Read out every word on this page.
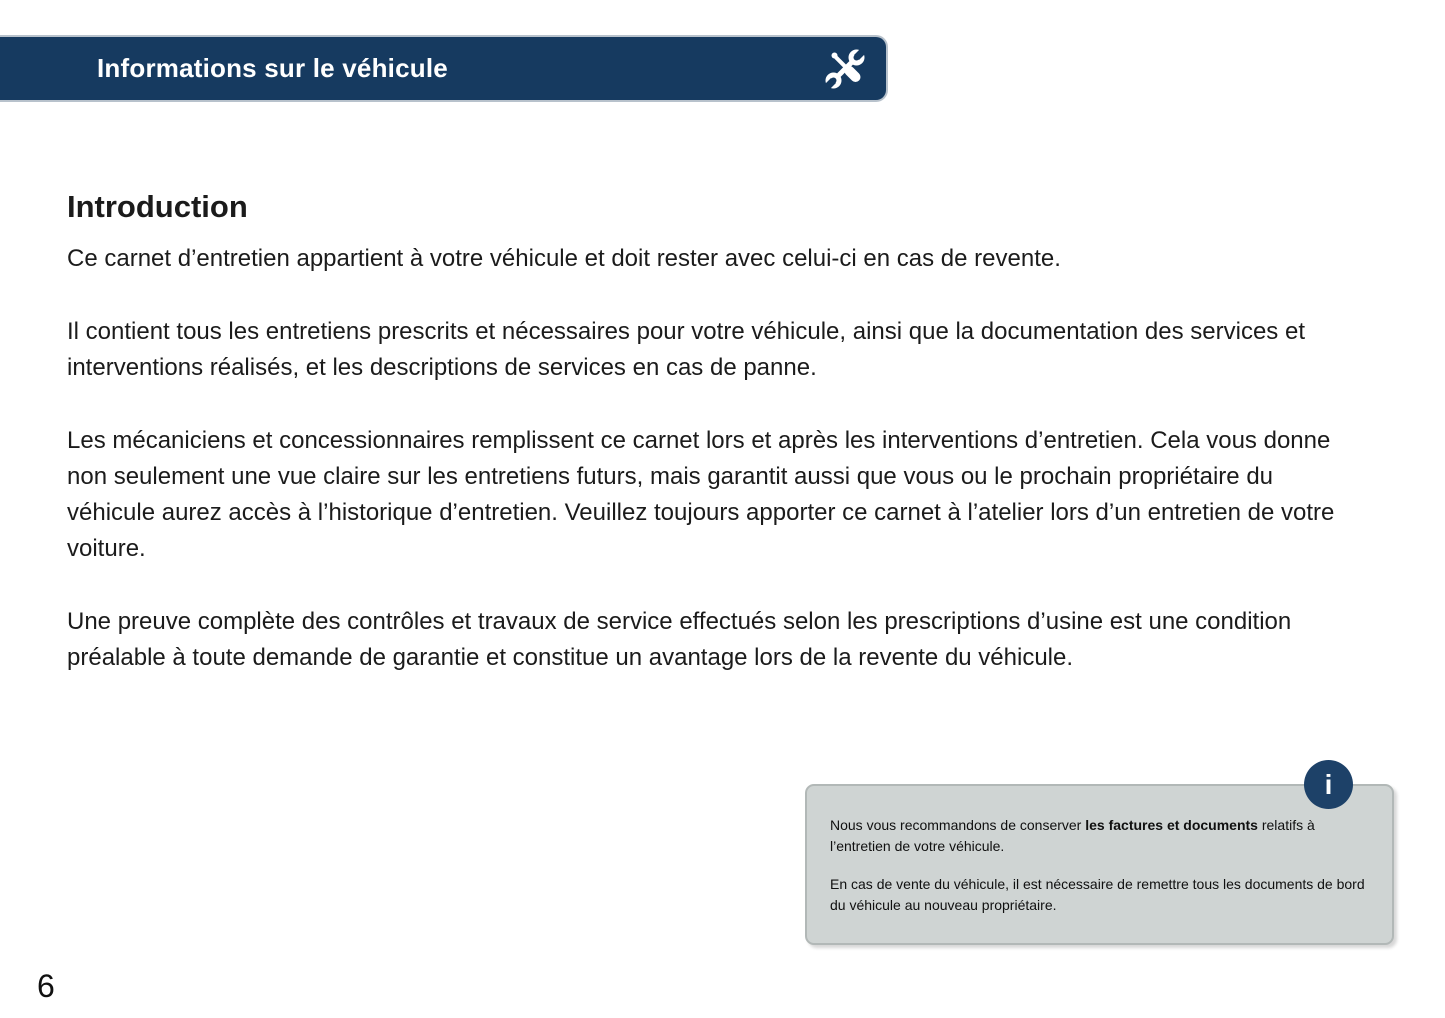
Informations sur le véhicule
Introduction

Ce carnet d’entretien appartient à votre véhicule et doit rester avec celui-ci en cas de revente.

Il contient tous les entretiens prescrits et nécessaires pour votre véhicule, ainsi que la documentation des services et interventions réalisés, et les descriptions de services en cas de panne.

Les mécaniciens et concessionnaires remplissent ce carnet lors et après les interventions d’entretien. Cela vous donne non seulement une vue claire sur les entretiens futurs, mais garantit aussi que vous ou le prochain propriétaire du véhicule aurez accès à l’historique d’entretien. Veuillez toujours apporter ce carnet à l’atelier lors d’un entretien de votre voiture.

Une preuve complète des contrôles et travaux de service effectués selon les prescriptions d’usine est une condition préalable à toute demande de garantie et constitue un avantage lors de la revente du véhicule.

Nous vous recommandons de conserver les factures et documents relatifs à l’entretien de votre véhicule.

En cas de vente du véhicule, il est nécessaire de remettre tous les documents de bord du véhicule au nouveau propriétaire.

i
6
